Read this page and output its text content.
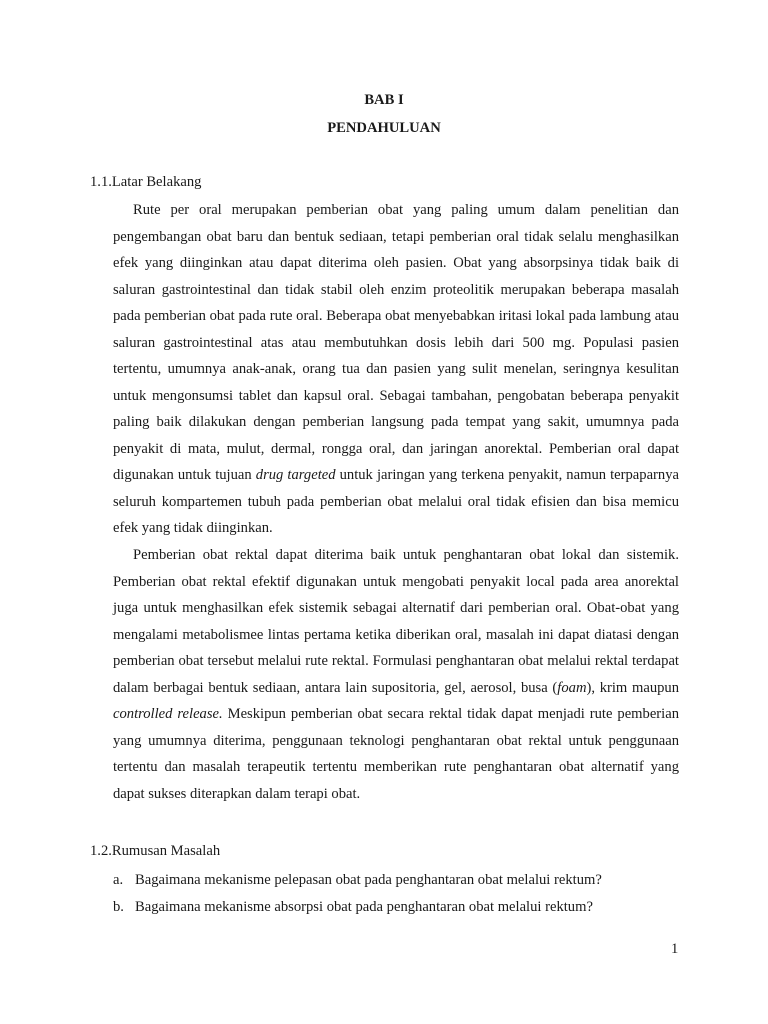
BAB I

PENDAHULUAN

1.1.Latar Belakang

Rute per oral merupakan pemberian obat yang paling umum dalam penelitian dan pengembangan obat baru dan bentuk sediaan, tetapi pemberian oral tidak selalu menghasilkan efek yang diinginkan atau dapat diterima oleh pasien. Obat yang absorpsinya tidak baik di saluran gastrointestinal dan tidak stabil oleh enzim proteolitik merupakan beberapa masalah pada pemberian obat pada rute oral. Beberapa obat menyebabkan iritasi lokal pada lambung atau saluran gastrointestinal atas atau membutuhkan dosis lebih dari 500 mg. Populasi pasien tertentu, umumnya anak-anak, orang tua dan pasien yang sulit menelan, seringnya kesulitan untuk mengonsumsi tablet dan kapsul oral. Sebagai tambahan, pengobatan beberapa penyakit paling baik dilakukan dengan pemberian langsung pada tempat yang sakit, umumnya pada penyakit di mata, mulut, dermal, rongga oral, dan jaringan anorektal. Pemberian oral dapat digunakan untuk tujuan drug targeted untuk jaringan yang terkena penyakit, namun terpaparnya seluruh kompartemen tubuh pada pemberian obat melalui oral tidak efisien dan bisa memicu efek yang tidak diinginkan.

Pemberian obat rektal dapat diterima baik untuk penghantaran obat lokal dan sistemik. Pemberian obat rektal efektif digunakan untuk mengobati penyakit local pada area anorektal juga untuk menghasilkan efek sistemik sebagai alternatif dari pemberian oral. Obat-obat yang mengalami metabolismee lintas pertama ketika diberikan oral, masalah ini dapat diatasi dengan pemberian obat tersebut melalui rute rektal. Formulasi penghantaran obat melalui rektal terdapat dalam berbagai bentuk sediaan, antara lain supositoria, gel, aerosol, busa (foam), krim maupun controlled release. Meskipun pemberian obat secara rektal tidak dapat menjadi rute pemberian yang umumnya diterima, penggunaan teknologi penghantaran obat rektal untuk penggunaan tertentu dan masalah terapeutik tertentu memberikan rute penghantaran obat alternatif yang dapat sukses diterapkan dalam terapi obat.

1.2.Rumusan Masalah

a. Bagaimana mekanisme pelepasan obat pada penghantaran obat melalui rektum?
b. Bagaimana mekanisme absorpsi obat pada penghantaran obat melalui rektum?

1
